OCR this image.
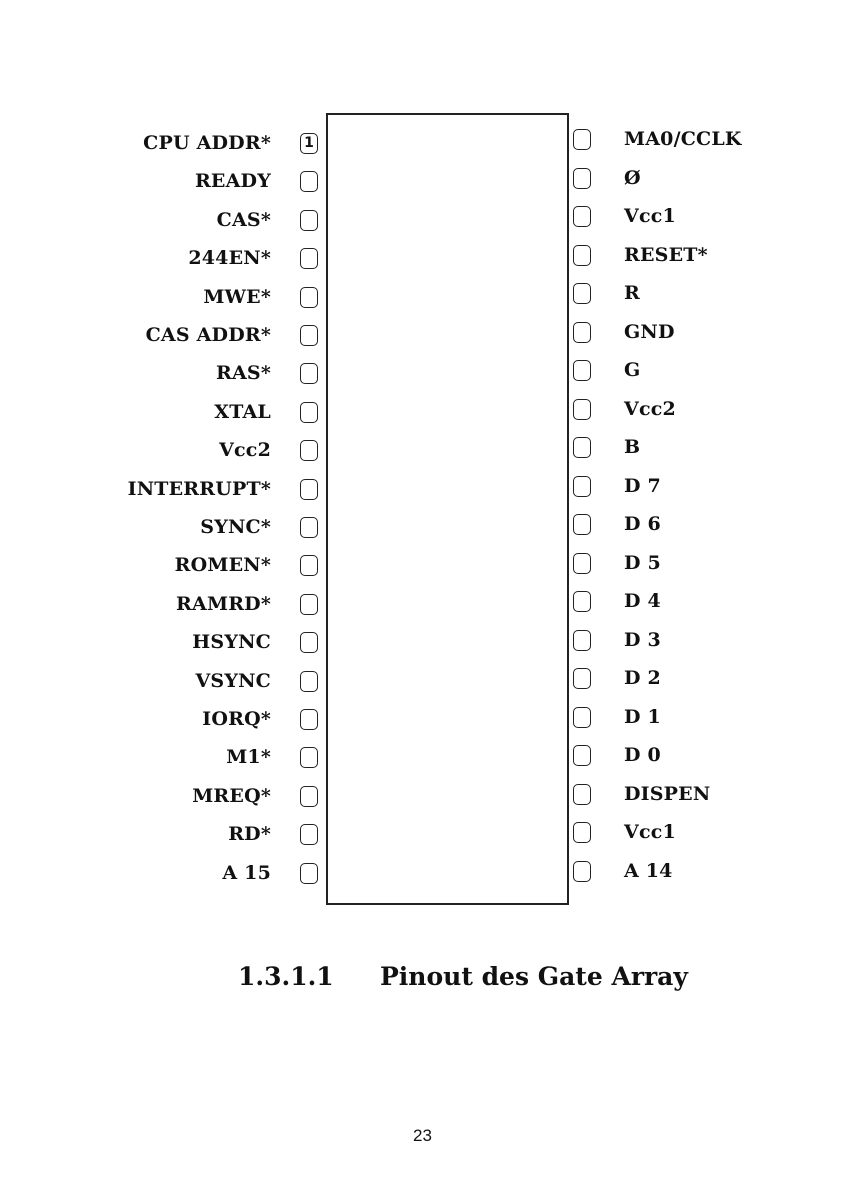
1
CPU ADDR*
READY
CAS*
244EN*
MWE*
CAS ADDR*
RAS*
XTAL
Vcc2
INTERRUPT*
SYNC*
ROMEN*
RAMRD*
HSYNC
VSYNC
IORQ*
M1*
MREQ*
RD*
A 15
MA0/CCLK
Ø
Vcc1
RESET*
R
GND
G
Vcc2
B
D 7
D 6
D 5
D 4
D 3
D 2
D 1
D 0
DISPEN
Vcc1
A 14
1.3.1.1 Pinout des Gate Array
23
